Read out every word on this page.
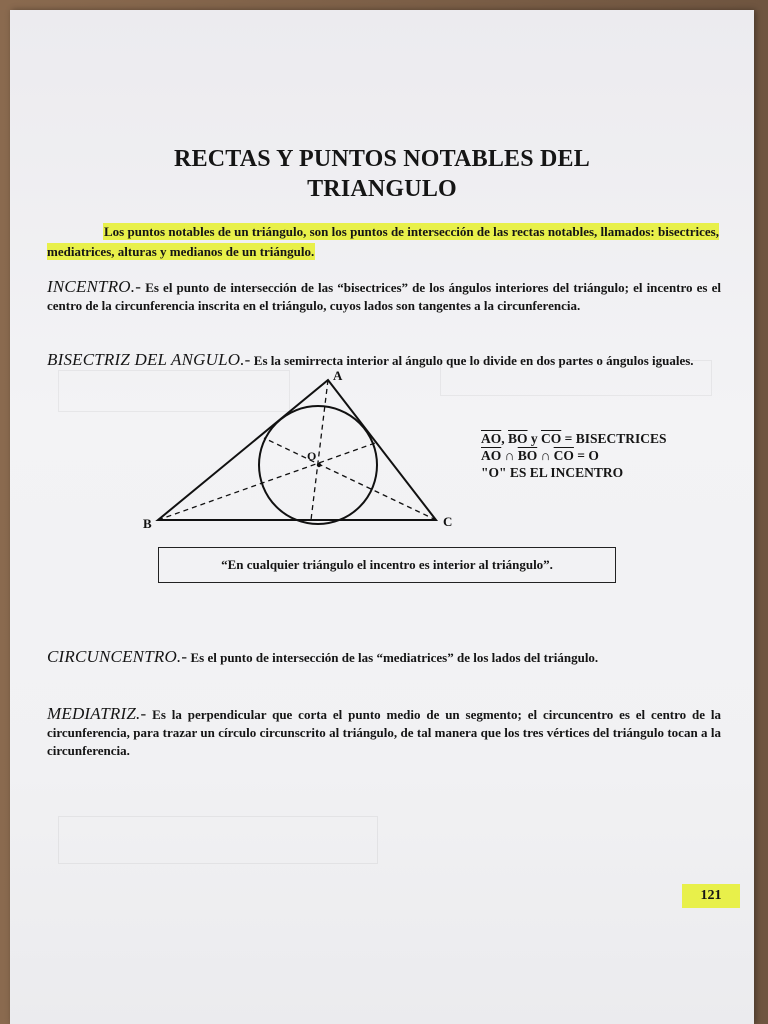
RECTAS Y PUNTOS NOTABLES DEL
TRIANGULO
Los puntos notables de un triángulo, son los puntos de intersección de las rectas notables, llamados: bisectrices, mediatrices, alturas y medianos de un triángulo.
INCENTRO.- Es el punto de intersección de las “bisectrices” de los ángulos interiores del triángulo; el incentro es el centro de la circunferencia inscrita en el triángulo, cuyos lados son tangentes a la circunferencia.
BISECTRIZ DEL ANGULO.- Es la semirrecta interior al ángulo que lo divide en dos partes o ángulos iguales.
A
B	C
O
$\overline{AO}$, $\overline{BO}$ y $\overline{CO}$ = BISECTRICES
$\overline{AO}$ ∩ $\overline{BO}$ ∩ $\overline{CO} = O$
"O" ES EL INCENTRO
“En cualquier triángulo el incentro es interior al triángulo”.
CIRCUNCENTRO.- Es el punto de intersección de las “mediatrices” de los lados del triángulo.
MEDIATRIZ.- Es la perpendicular que corta el punto medio de un segmento; el circuncentro es el centro de la circunferencia, para trazar un círculo circunscrito al triángulo, de tal manera que los tres vértices del triángulo tocan a la circunferencia.
121
